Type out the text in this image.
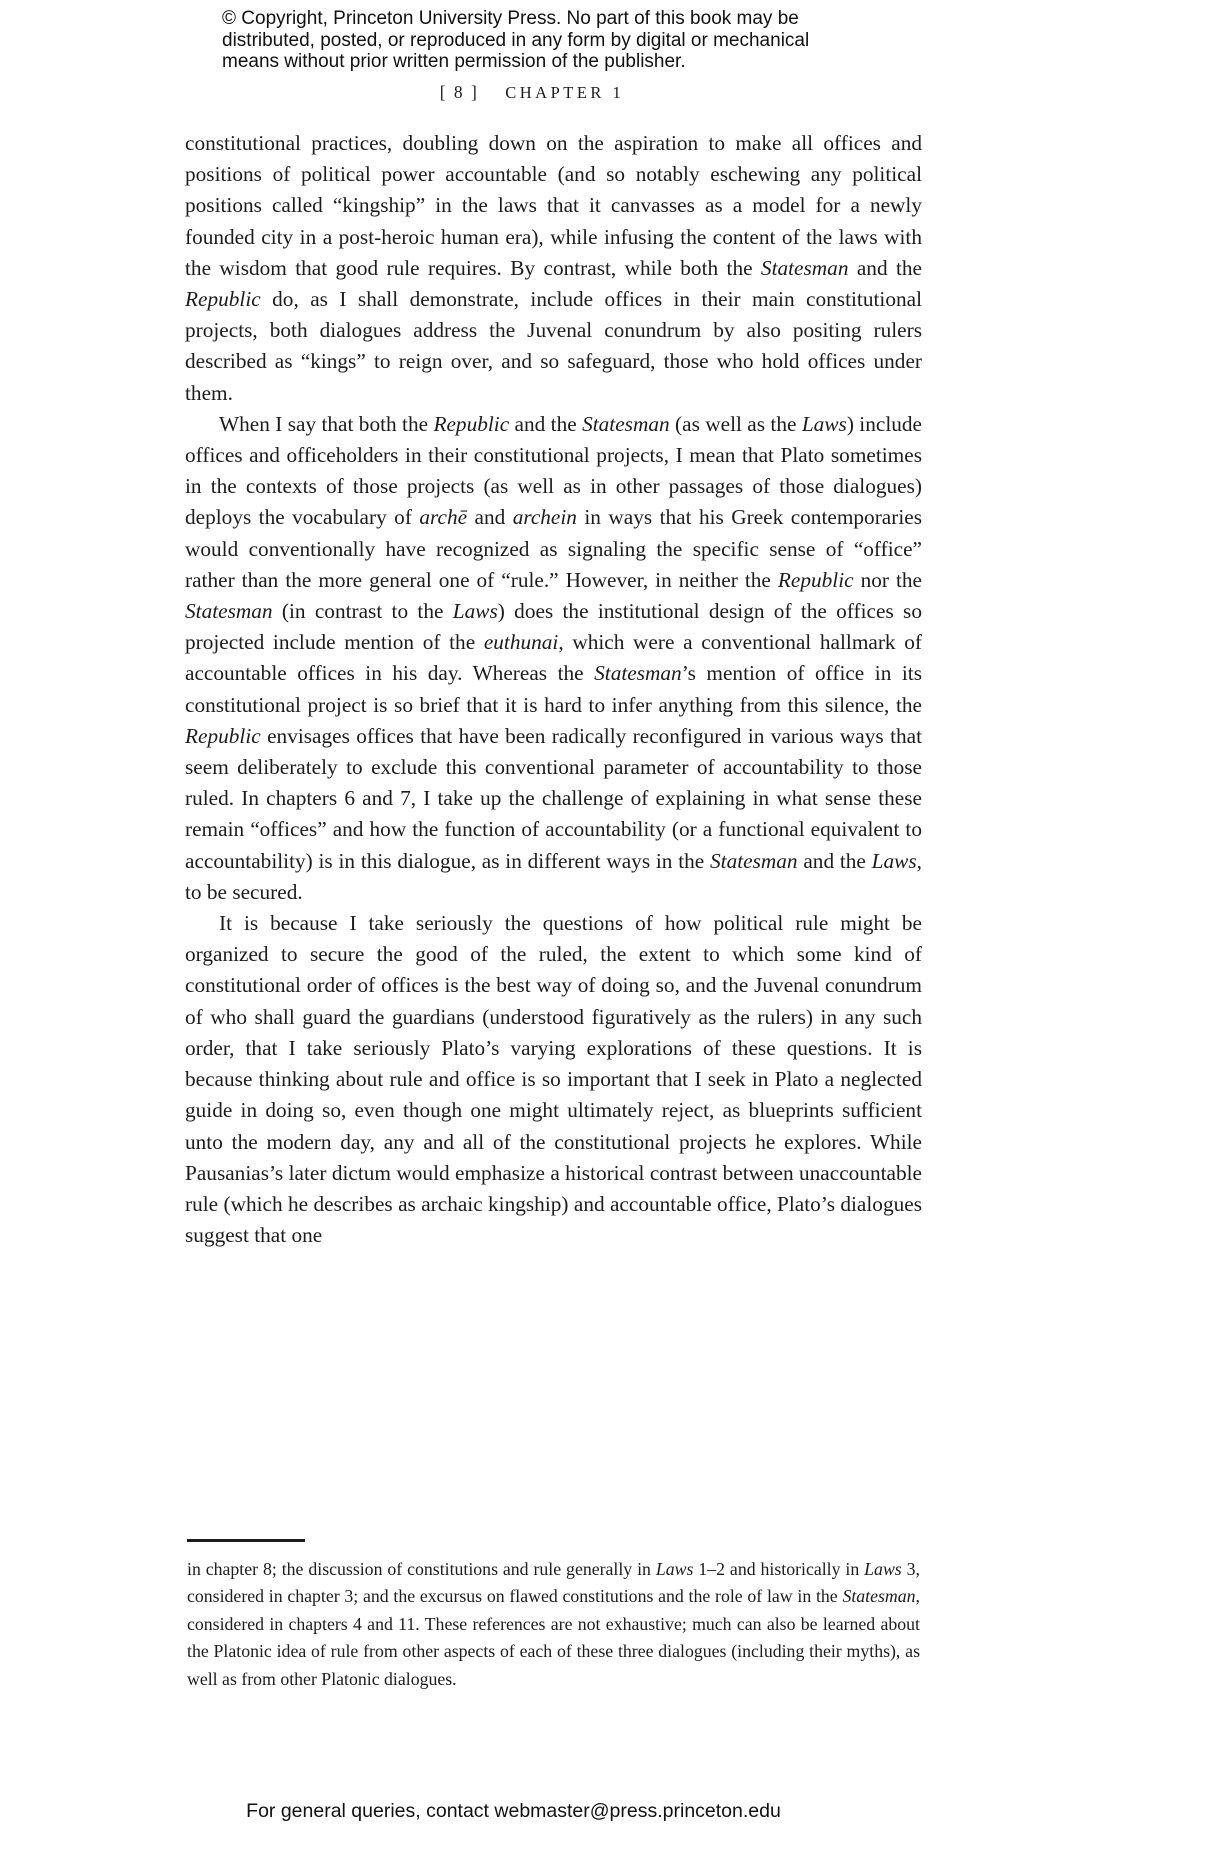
© Copyright, Princeton University Press. No part of this book may be
distributed, posted, or reproduced in any form by digital or mechanical
means without prior written permission of the publisher.
[ 8 ] CHAPTER 1

constitutional practices, doubling down on the aspiration to make all offices and positions of political power accountable (and so notably eschewing any political positions called “kingship” in the laws that it canvasses as a model for a newly founded city in a post-heroic human era), while infusing the content of the laws with the wisdom that good rule requires. By contrast, while both the Statesman and the Republic do, as I shall demonstrate, include offices in their main constitutional projects, both dialogues address the Juvenal conundrum by also positing rulers described as “kings” to reign over, and so safeguard, those who hold offices under them.

When I say that both the Republic and the Statesman (as well as the Laws) include offices and officeholders in their constitutional projects, I mean that Plato sometimes in the contexts of those projects (as well as in other passages of those dialogues) deploys the vocabulary of archē and archein in ways that his Greek contemporaries would conventionally have recognized as signaling the specific sense of “office” rather than the more general one of “rule.” However, in neither the Republic nor the Statesman (in contrast to the Laws) does the institutional design of the offices so projected include mention of the euthunai, which were a conventional hallmark of accountable offices in his day. Whereas the Statesman’s mention of office in its constitutional project is so brief that it is hard to infer anything from this silence, the Republic envisages offices that have been radically reconfigured in various ways that seem deliberately to exclude this conventional parameter of accountability to those ruled. In chapters 6 and 7, I take up the challenge of explaining in what sense these remain “offices” and how the function of accountability (or a functional equivalent to accountability) is in this dialogue, as in different ways in the Statesman and the Laws, to be secured.

It is because I take seriously the questions of how political rule might be organized to secure the good of the ruled, the extent to which some kind of constitutional order of offices is the best way of doing so, and the Juvenal conundrum of who shall guard the guardians (understood figuratively as the rulers) in any such order, that I take seriously Plato’s varying explorations of these questions. It is because thinking about rule and office is so important that I seek in Plato a neglected guide in doing so, even though one might ultimately reject, as blueprints sufficient unto the modern day, any and all of the constitutional projects he explores. While Pausanias’s later dictum would emphasize a historical contrast between unaccountable rule (which he describes as archaic kingship) and accountable office, Plato’s dialogues suggest that one

in chapter 8; the discussion of constitutions and rule generally in Laws 1–2 and historically in Laws 3, considered in chapter 3; and the excursus on flawed constitutions and the role of law in the Statesman, considered in chapters 4 and 11. These references are not exhaustive; much can also be learned about the Platonic idea of rule from other aspects of each of these three dialogues (including their myths), as well as from other Platonic dialogues.
For general queries, contact webmaster@press.princeton.edu
